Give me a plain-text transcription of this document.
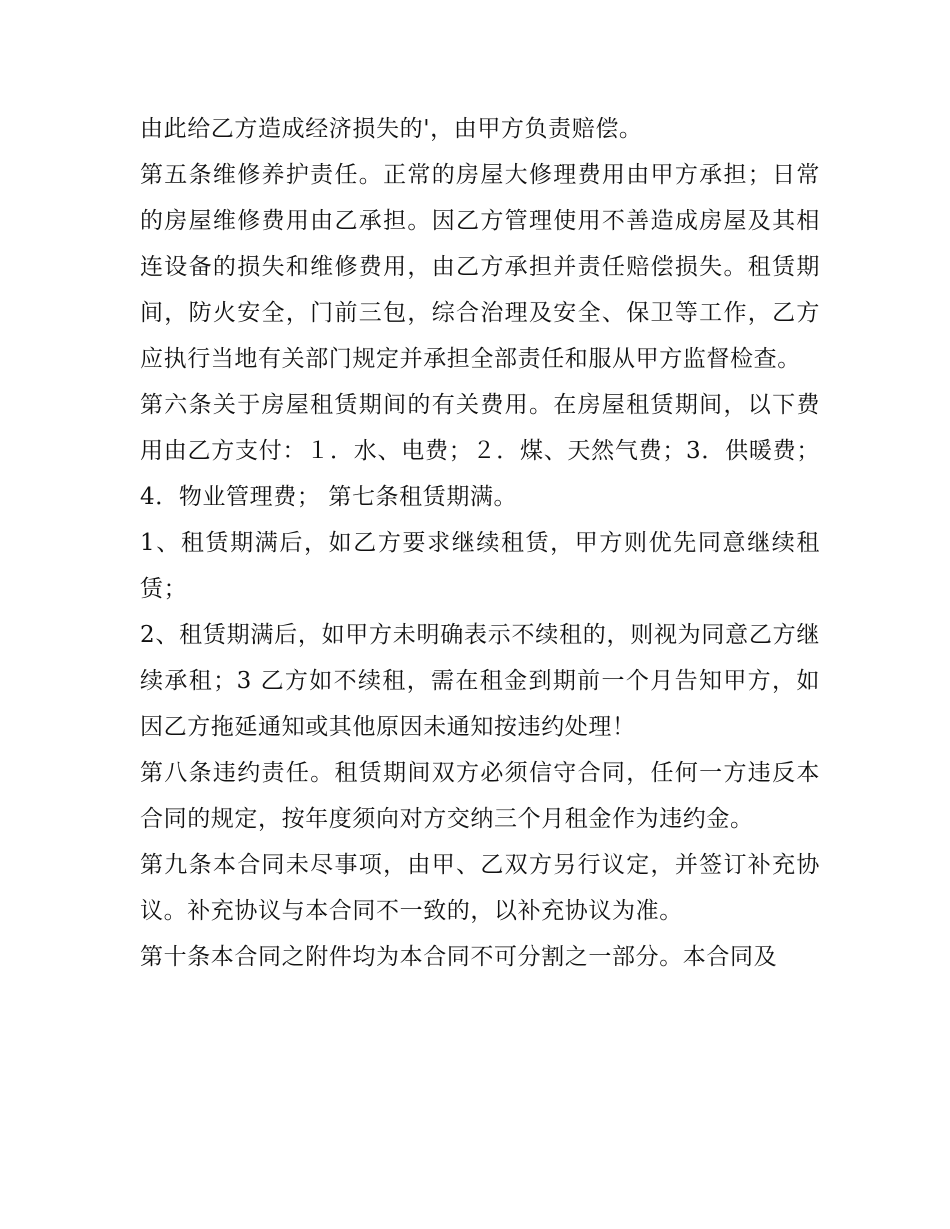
由此给乙方造成经济损失的'，由甲方负责赔偿。

第五条维修养护责任。正常的房屋大修理费用由甲方承担；日常的房屋维修费用由乙承担。因乙方管理使用不善造成房屋及其相连设备的损失和维修费用，由乙方承担并责任赔偿损失。租赁期间，防火安全，门前三包，综合治理及安全、保卫等工作，乙方应执行当地有关部门规定并承担全部责任和服从甲方监督检查。

第六条关于房屋租赁期间的有关费用。在房屋租赁期间，以下费用由乙方支付：１．水、电费；２．煤、天然气费；3．供暖费；4．物业管理费； 第七条租赁期满。

1、租赁期满后，如乙方要求继续租赁，甲方则优先同意继续租赁；

2、租赁期满后，如甲方未明确表示不续租的，则视为同意乙方继续承租；3 乙方如不续租，需在租金到期前一个月告知甲方，如因乙方拖延通知或其他原因未通知按违约处理！

第八条违约责任。租赁期间双方必须信守合同，任何一方违反本合同的规定，按年度须向对方交纳三个月租金作为违约金。

第九条本合同未尽事项，由甲、乙双方另行议定，并签订补充协议。补充协议与本合同不一致的，以补充协议为准。

第十条本合同之附件均为本合同不可分割之一部分。本合同及
